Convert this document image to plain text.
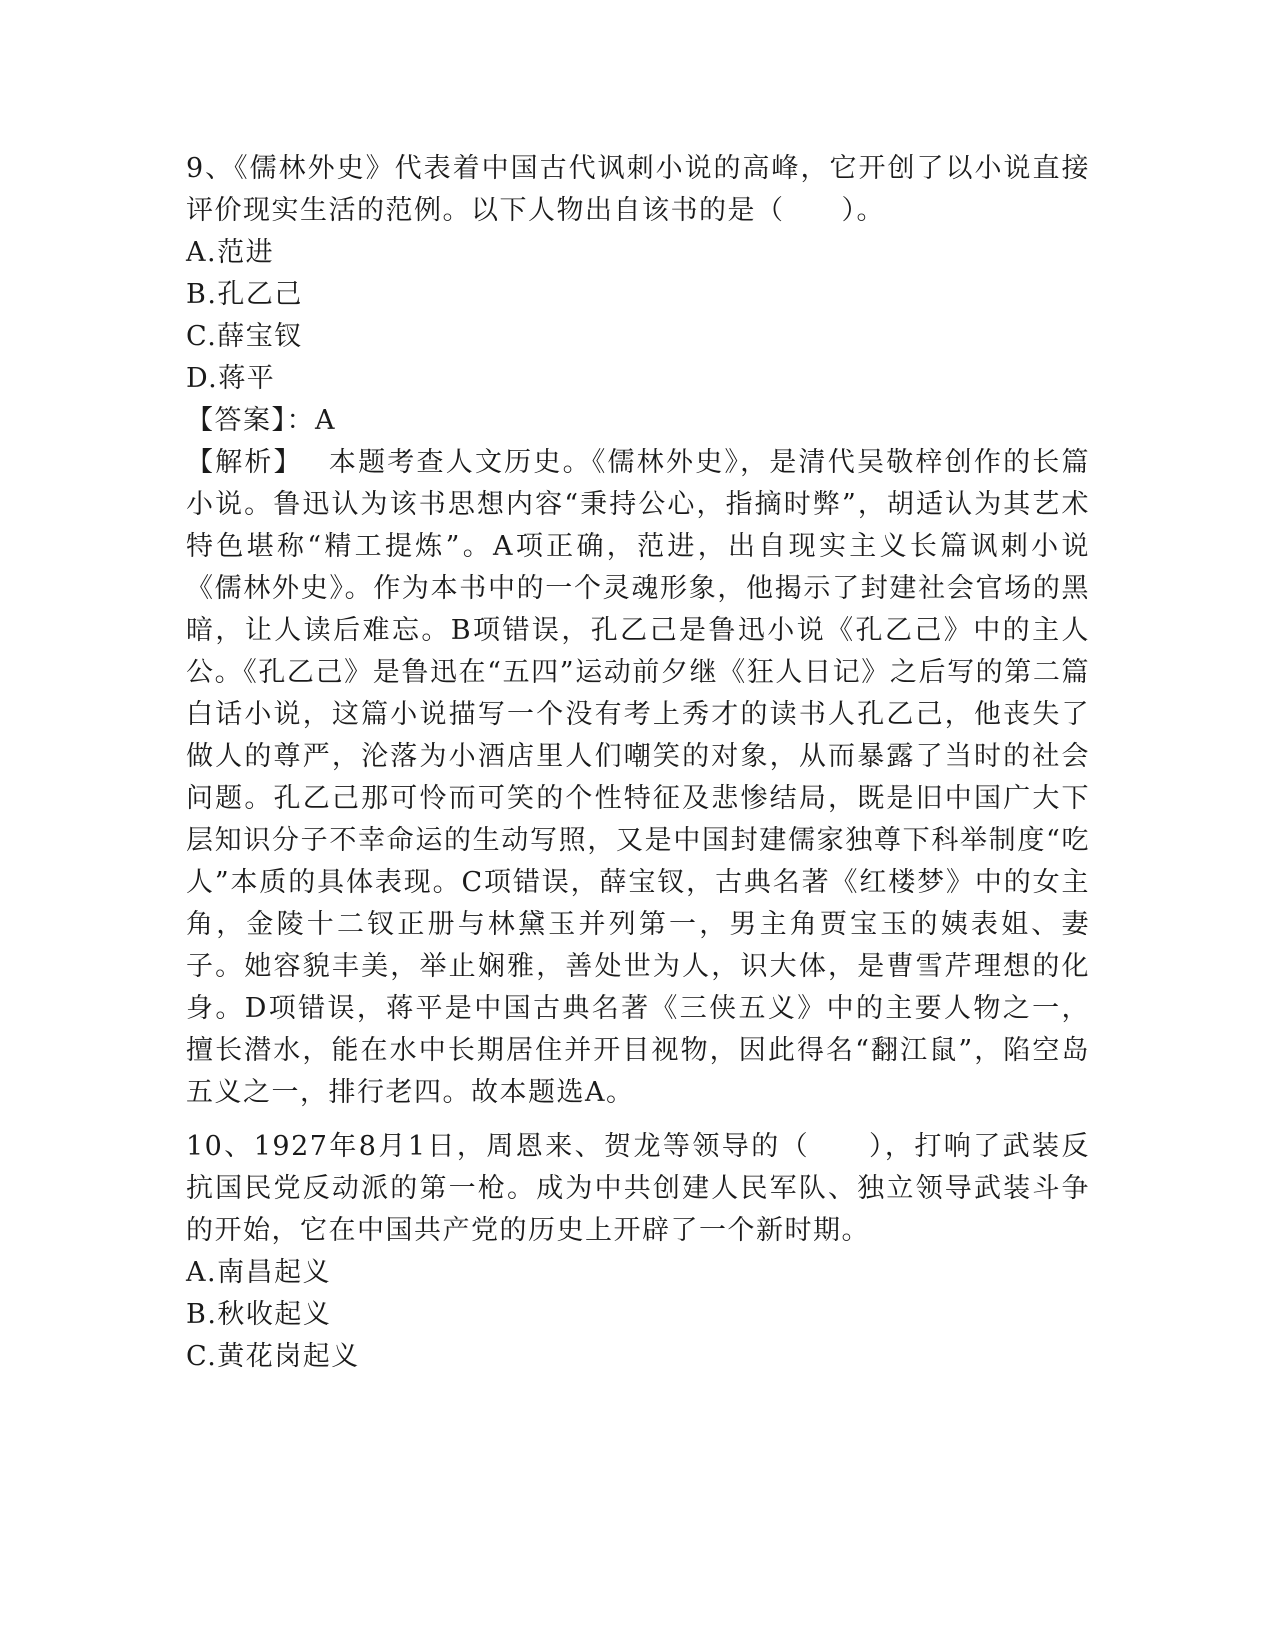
9、《儒林外史》代表着中国古代讽刺小说的高峰，它开创了以小说直接评价现实生活的范例。以下人物出自该书的是（　　）。
A.范进
B.孔乙己
C.薛宝钗
D.蒋平
【答案】：A
【解析】 本题考查人文历史。《儒林外史》，是清代吴敬梓创作的长篇小说。鲁迅认为该书思想内容“秉持公心，指摘时弊”，胡适认为其艺术特色堪称“精工提炼”。A项正确，范进，出自现实主义长篇讽刺小说《儒林外史》。作为本书中的一个灵魂形象，他揭示了封建社会官场的黑暗，让人读后难忘。B项错误，孔乙己是鲁迅小说《孔乙己》中的主人公。《孔乙己》是鲁迅在“五四”运动前夕继《狂人日记》之后写的第二篇白话小说，这篇小说描写一个没有考上秀才的读书人孔乙己，他丧失了做人的尊严，沦落为小酒店里人们嘲笑的对象，从而暴露了当时的社会问题。孔乙己那可怜而可笑的个性特征及悲惨结局，既是旧中国广大下层知识分子不幸命运的生动写照，又是中国封建儒家独尊下科举制度“吃人”本质的具体表现。C项错误，薛宝钗，古典名著《红楼梦》中的女主角，金陵十二钗正册与林黛玉并列第一，男主角贾宝玉的姨表姐、妻子。她容貌丰美，举止娴雅，善处世为人，识大体，是曹雪芹理想的化身。D项错误，蒋平是中国古典名著《三侠五义》中的主要人物之一，擅长潜水，能在水中长期居住并开目视物，因此得名“翻江鼠”，陷空岛五义之一，排行老四。故本题选A。
10、1927年8月1日，周恩来、贺龙等领导的（　　），打响了武装反抗国民党反动派的第一枪。成为中共创建人民军队、独立领导武装斗争的开始，它在中国共产党的历史上开辟了一个新时期。
A.南昌起义
B.秋收起义
C.黄花岗起义
